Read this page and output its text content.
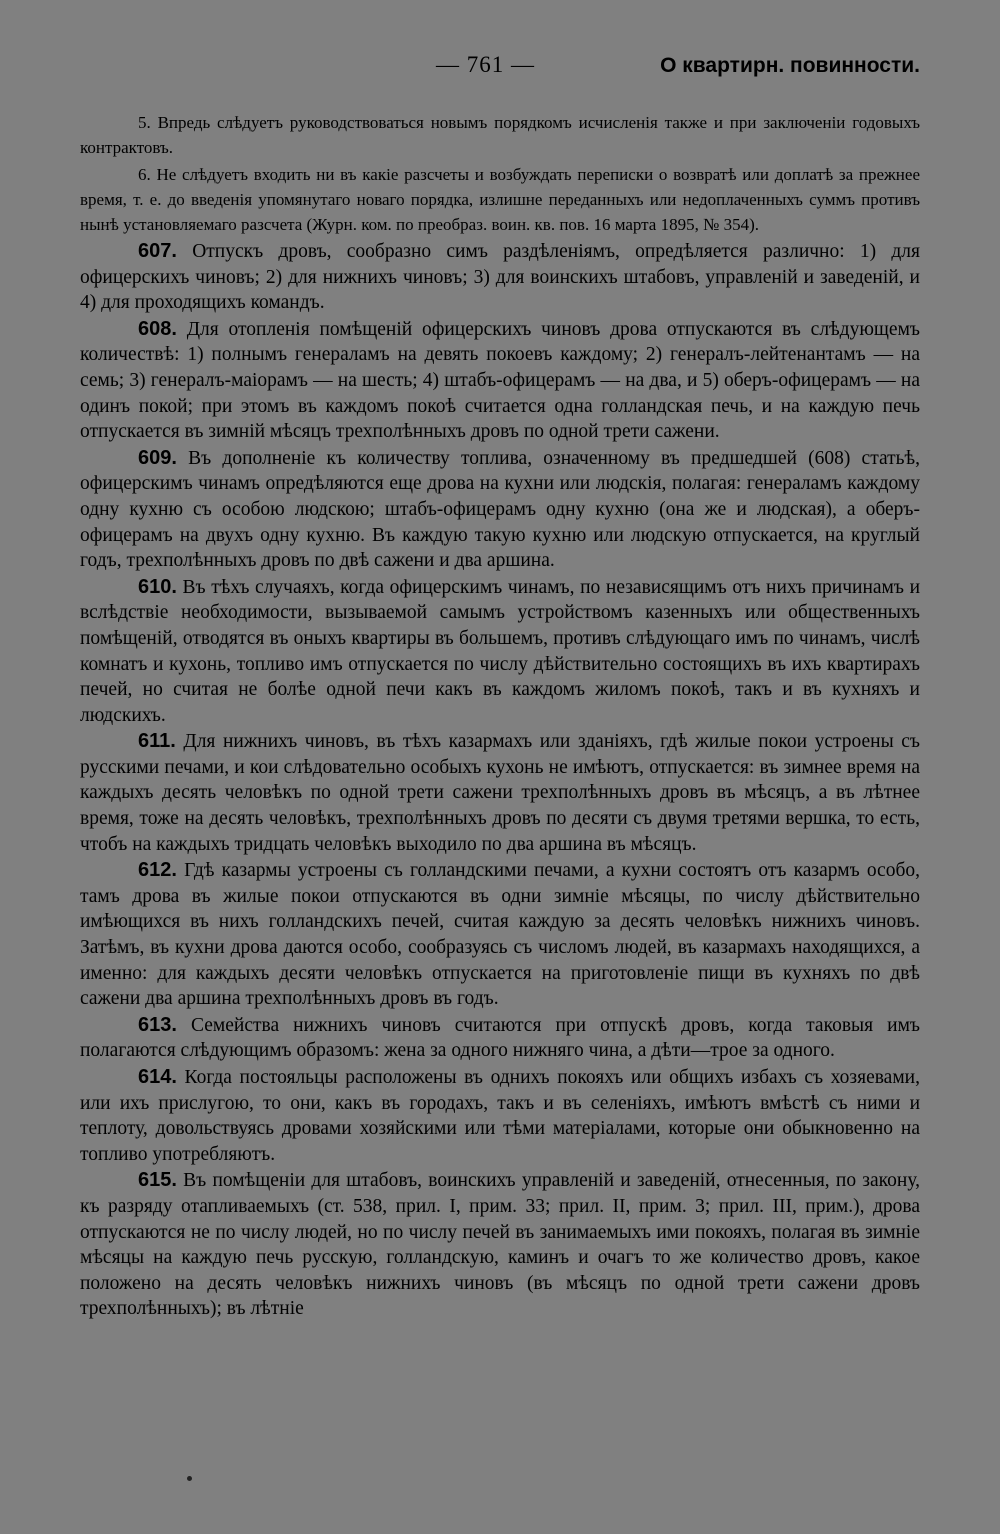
— 761 —	О квартирн. повинности.

5. Впредь слѣдуетъ руководствоваться новымъ порядкомъ исчисленія также и при заключеніи годовыхъ контрактовъ.

6. Не слѣдуетъ входить ни въ какіе разсчеты и возбуждать переписки о возвратѣ или доплатѣ за прежнее время, т. е. до введенія упомянутаго новаго порядка, излишне переданныхъ или недоплаченныхъ суммъ противъ нынѣ установляемаго разсчета (Журн. ком. по преобраз. воин. кв. пов. 16 марта 1895, № 354).

607. Отпускъ дровъ, сообразно симъ раздѣленіямъ, опредѣляется различно: 1) для офицерскихъ чиновъ; 2) для нижнихъ чиновъ; 3) для воинскихъ штабовъ, управленій и заведеній, и 4) для проходящихъ командъ.

608. Для отопленія помѣщеній офицерскихъ чиновъ дрова отпускаются въ слѣдующемъ количествѣ: 1) полнымъ генераламъ на девять покоевъ каждому; 2) генералъ-лейтенантамъ — на семь; 3) генералъ-маіорамъ — на шесть; 4) штабъ-офицерамъ — на два, и 5) оберъ-офицерамъ — на одинъ покой; при этомъ въ каждомъ покоѣ считается одна голландская печь, и на каждую печь отпускается въ зимній мѣсяцъ трехполѣнныхъ дровъ по одной трети сажени.

609. Въ дополненіе къ количеству топлива, означенному въ предшедшей (608) статьѣ, офицерскимъ чинамъ опредѣляются еще дрова на кухни или людскія, полагая: генераламъ каждому одну кухню съ особою людскою; штабъ-офицерамъ одну кухню (она же и людская), а оберъ-офицерамъ на двухъ одну кухню. Въ каждую такую кухню или людскую отпускается, на круглый годъ, трехполѣнныхъ дровъ по двѣ сажени и два аршина.

610. Въ тѣхъ случаяхъ, когда офицерскимъ чинамъ, по независящимъ отъ нихъ причинамъ и вслѣдствіе необходимости, вызываемой самымъ устройствомъ казенныхъ или общественныхъ помѣщеній, отводятся въ оныхъ квартиры въ большемъ, противъ слѣдующаго имъ по чинамъ, числѣ комнатъ и кухонь, топливо имъ отпускается по числу дѣйствительно состоящихъ въ ихъ квартирахъ печей, но считая не болѣе одной печи какъ въ каждомъ жиломъ покоѣ, такъ и въ кухняхъ и людскихъ.

611. Для нижнихъ чиновъ, въ тѣхъ казармахъ или зданіяхъ, гдѣ жилые покои устроены съ русскими печами, и кои слѣдовательно особыхъ кухонь не имѣютъ, отпускается: въ зимнее время на каждыхъ десять человѣкъ по одной трети сажени трехполѣнныхъ дровъ въ мѣсяцъ, а въ лѣтнее время, тоже на десять человѣкъ, трехполѣнныхъ дровъ по десяти съ двумя третями вершка, то есть, чтобъ на каждыхъ тридцать человѣкъ выходило по два аршина въ мѣсяцъ.

612. Гдѣ казармы устроены съ голландскими печами, а кухни состоятъ отъ казармъ особо, тамъ дрова въ жилые покои отпускаются въ одни зимніе мѣсяцы, по числу дѣйствительно имѣющихся въ нихъ голландскихъ печей, считая каждую за десять человѣкъ нижнихъ чиновъ. Затѣмъ, въ кухни дрова даются особо, сообразуясь съ числомъ людей, въ казармахъ находящихся, а именно: для каждыхъ десяти человѣкъ отпускается на приготовленіе пищи въ кухняхъ по двѣ сажени два аршина трехполѣнныхъ дровъ въ годъ.

613. Семейства нижнихъ чиновъ считаются при отпускѣ дровъ, когда таковыя имъ полагаются слѣдующимъ образомъ: жена за одного нижняго чина, а дѣти—трое за одного.

614. Когда постояльцы расположены въ однихъ покояхъ или общихъ избахъ съ хозяевами, или ихъ прислугою, то они, какъ въ городахъ, такъ и въ селеніяхъ, имѣютъ вмѣстѣ съ ними и теплоту, довольствуясь дровами хозяйскими или тѣми матеріалами, которые они обыкновенно на топливо употребляютъ.

615. Въ помѣщеніи для штабовъ, воинскихъ управленій и заведеній, отнесенныя, по закону, къ разряду отапливаемыхъ (ст. 538, прил. I, прим. 33; прил. II, прим. 3; прил. III, прим.), дрова отпускаются не по числу людей, но по числу печей въ занимаемыхъ ими покояхъ, полагая въ зимніе мѣсяцы на каждую печь русскую, голландскую, каминъ и очагъ то же количество дровъ, какое положено на десять человѣкъ нижнихъ чиновъ (въ мѣсяцъ по одной трети сажени дровъ трехполѣнныхъ); въ лѣтніе
